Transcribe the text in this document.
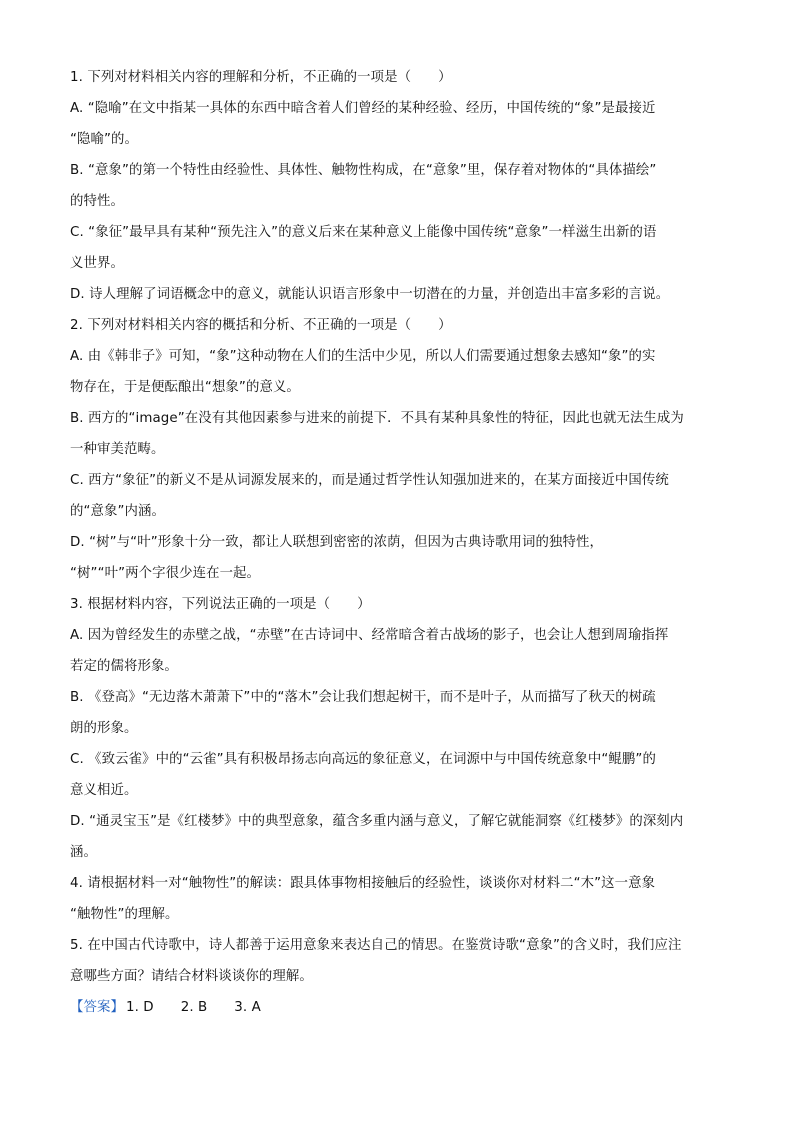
1. 下列对材料相关内容的理解和分析，不正确的一项是（　　）
A. “隐喻”在文中指某一具体的东西中暗含着人们曾经的某种经验、经历，中国传统的“象”是最接近
“隐喻”的。
B. “意象”的第一个特性由经验性、具体性、触物性构成，在“意象”里，保存着对物体的“具体描绘”
的特性。
C. “象征”最早具有某种“预先注入”的意义后来在某种意义上能像中国传统“意象”一样滋生出新的语
义世界。
D. 诗人理解了词语概念中的意义，就能认识语言形象中一切潜在的力量，并创造出丰富多彩的言说。
2. 下列对材料相关内容的概括和分析、不正确的一项是（　　）
A. 由《韩非子》可知，“象”这种动物在人们的生活中少见，所以人们需要通过想象去感知“象”的实
物存在，于是便酝酿出“想象”的意义。
B. 西方的“image”在没有其他因素参与进来的前提下．不具有某种具象性的特征，因此也就无法生成为
一种审美范畴。
C. 西方“象征”的新义不是从词源发展来的，而是通过哲学性认知强加进来的，在某方面接近中国传统
的“意象”内涵。
D. “树”与“叶”形象十分一致，都让人联想到密密的浓荫，但因为古典诗歌用词的独特性，
“树”“叶”两个字很少连在一起。
3. 根据材料内容，下列说法正确的一项是（　　）
A. 因为曾经发生的赤壁之战，“赤壁”在古诗词中、经常暗含着古战场的影子，也会让人想到周瑜指挥
若定的儒将形象。
B. 《登高》“无边落木萧萧下”中的“落木”会让我们想起树干，而不是叶子，从而描写了秋天的树疏
朗的形象。
C. 《致云雀》中的“云雀”具有积极昂扬志向高远的象征意义，在词源中与中国传统意象中“鲲鹏”的
意义相近。
D. “通灵宝玉”是《红楼梦》中的典型意象，蕴含多重内涵与意义，了解它就能洞察《红楼梦》的深刻内
涵。
4. 请根据材料一对“触物性”的解读：跟具体事物相接触后的经验性，谈谈你对材料二“木”这一意象
“触物性”的理解。
5. 在中国古代诗歌中，诗人都善于运用意象来表达自己的情思。在鉴赏诗歌“意象”的含义时，我们应注
意哪些方面？请结合材料谈谈你的理解。
【答案】 1. D　　2. B　　3. A
